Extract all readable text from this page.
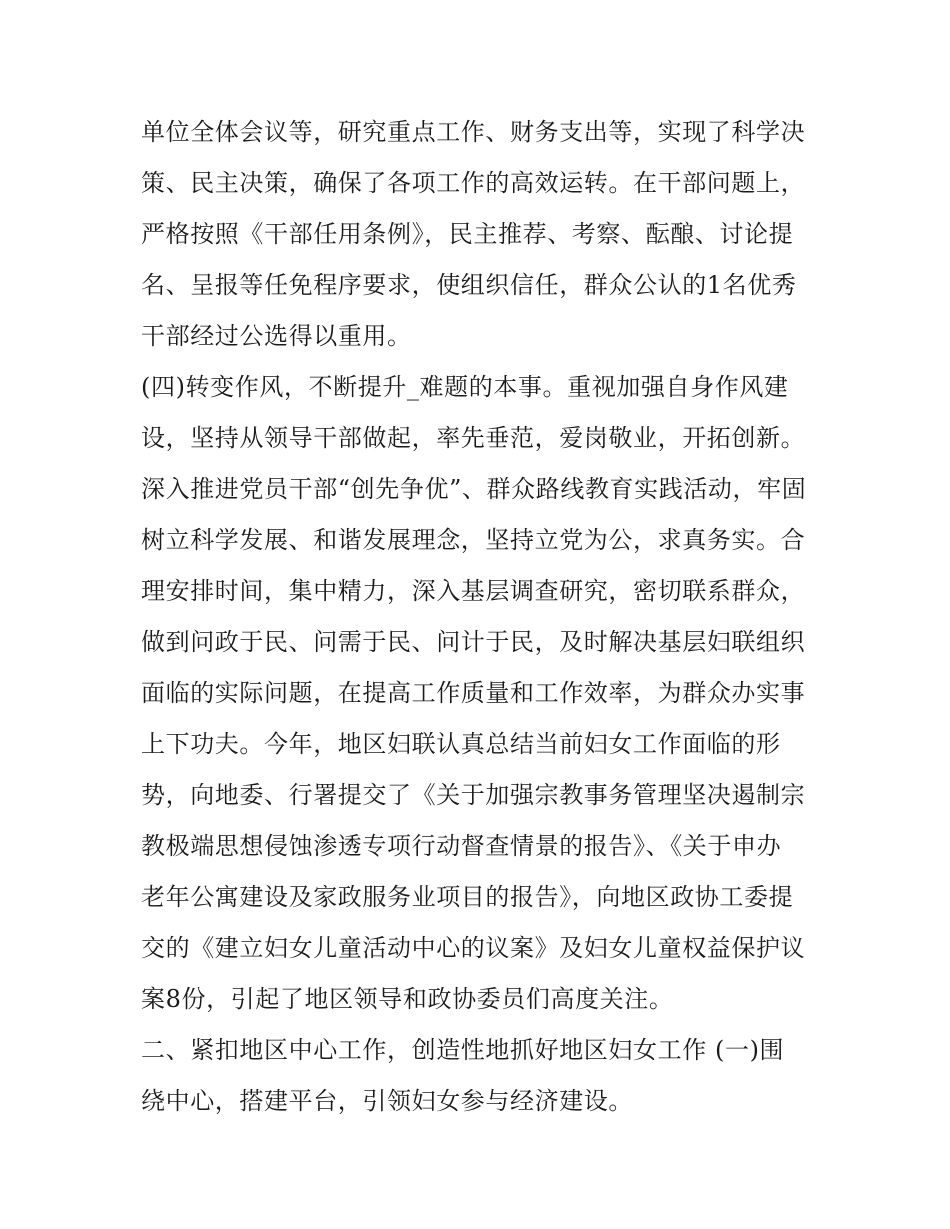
单位全体会议等，研究重点工作、财务支出等，实现了科学决
策、民主决策，确保了各项工作的高效运转。在干部问题上，
严格按照《干部任用条例》，民主推荐、考察、酝酿、讨论提
名、呈报等任免程序要求，使组织信任，群众公认的1名优秀
干部经过公选得以重用。
(四)转变作风，不断提升_难题的本事。重视加强自身作风建
设，坚持从领导干部做起，率先垂范，爱岗敬业，开拓创新。
深入推进党员干部“创先争优”、群众路线教育实践活动，牢固
树立科学发展、和谐发展理念，坚持立党为公，求真务实。合
理安排时间，集中精力，深入基层调查研究，密切联系群众，
做到问政于民、问需于民、问计于民，及时解决基层妇联组织
面临的实际问题，在提高工作质量和工作效率，为群众办实事
上下功夫。今年，地区妇联认真总结当前妇女工作面临的形
势，向地委、行署提交了《关于加强宗教事务管理坚决遏制宗
教极端思想侵蚀渗透专项行动督查情景的报告》、《关于申办
老年公寓建设及家政服务业项目的报告》，向地区政协工委提
交的《建立妇女儿童活动中心的议案》及妇女儿童权益保护议
案8份，引起了地区领导和政协委员们高度关注。
二、紧扣地区中心工作，创造性地抓好地区妇女工作 (一)围
绕中心，搭建平台，引领妇女参与经济建设。
